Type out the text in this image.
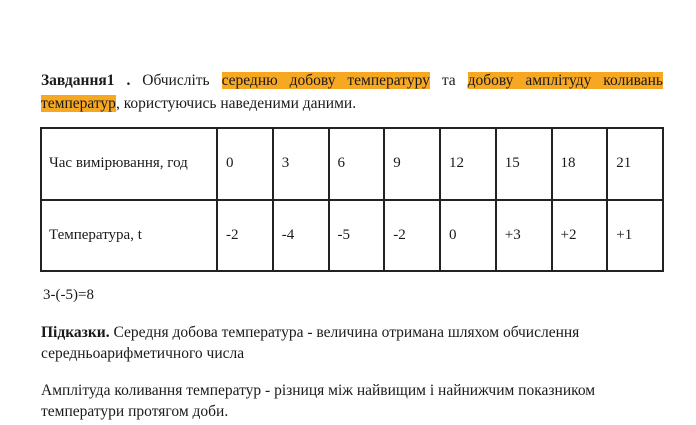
Завдання1 . Обчисліть середню добову температуру та добову амплітуду коливань температур, користуючись наведеними даними.
Час вимірювання, год	0	3	6	9	12	15	18	21
Температура, t	-2	-4	-5	-2	0	+3	+2	+1
3-(-5)=8
Підказки. Середня добова температура - величина отримана шляхом обчислення середньоарифметичного числа
Амплітуда коливання температур - різниця між найвищим і найнижчим показником температури протягом доби.
